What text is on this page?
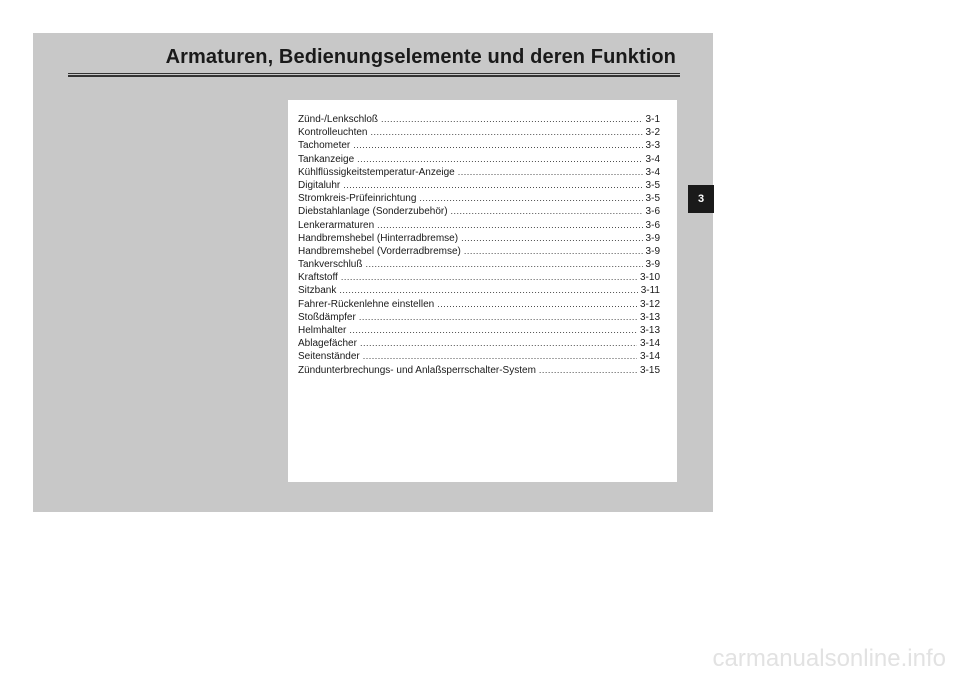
Armaturen, Bedienungselemente und deren Funktion
Zünd-/Lenkschloß .....	3-1
Kontrolleuchten .....	3-2
Tachometer .....	3-3
Tankanzeige .....	3-4
Kühlflüssigkeitstemperatur-Anzeige .....	3-4
Digitaluhr .....	3-5
Stromkreis-Prüfeinrichtung .....	3-5
Diebstahlanlage (Sonderzubehör) .....	3-6
Lenkerarmaturen .....	3-6
Handbremshebel (Hinterradbremse) .....	3-9
Handbremshebel (Vorderradbremse) .....	3-9
Tankverschluß .....	3-9
Kraftstoff .....	3-10
Sitzbank .....	3-11
Fahrer-Rückenlehne einstellen .....	3-12
Stoßdämpfer .....	3-13
Helmhalter .....	3-13
Ablagefächer .....	3-14
Seitenständer .....	3-14
Zündunterbrechungs- und Anlaßsperrschalter-System .....	3-15
3
carmanualsonline.info
